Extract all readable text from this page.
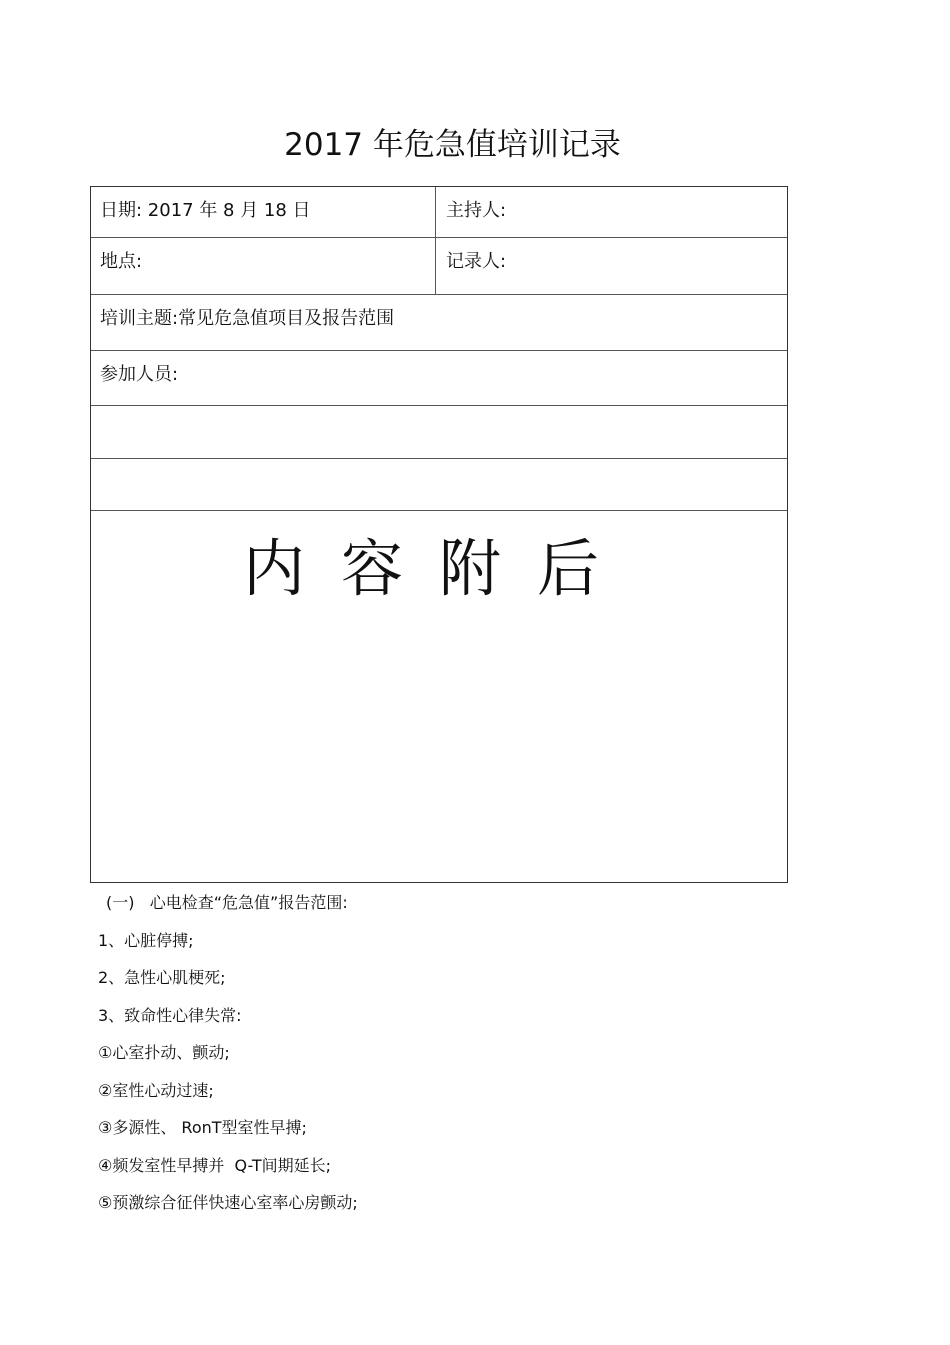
2017 年危急值培训记录
日期: 2017 年 8 月 18 日	主持人:
地点:	记录人:
培训主题:常见危急值项目及报告范围
参加人员:
内容附后
(一)   心电检查“危急值”报告范围:
1、心脏停搏;
2、急性心肌梗死;
3、致命性心律失常:
①心室扑动、颤动;
②室性心动过速;
③多源性、 RonT型室性早搏;
④频发室性早搏并  Q-T间期延长;
⑤预激综合征伴快速心室率心房颤动;
